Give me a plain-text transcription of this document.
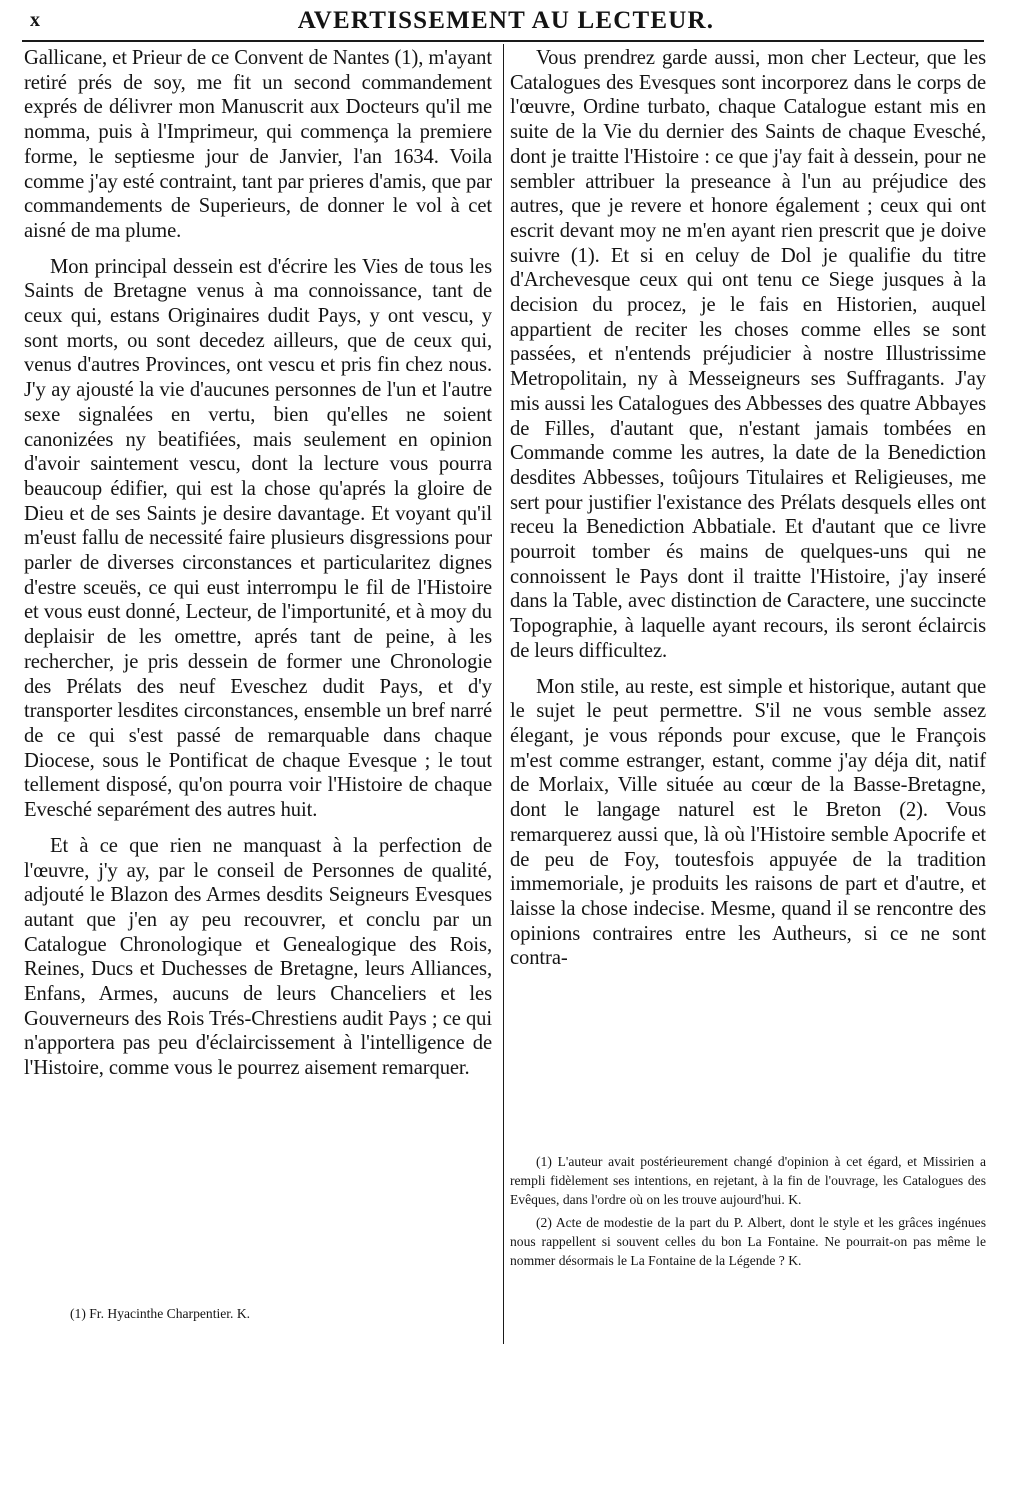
x	AVERTISSEMENT AU LECTEUR.

Gallicane, et Prieur de ce Convent de Nantes (1), m'ayant retiré prés de soy, me fit un second commandement exprés de délivrer mon Manuscrit aux Docteurs qu'il me nomma, puis à l'Imprimeur, qui commença la premiere forme, le septiesme jour de Janvier, l'an 1634. Voila comme j'ay esté contraint, tant par prieres d'amis, que par commandements de Superieurs, de donner le vol à cet aisné de ma plume.

Mon principal dessein est d'écrire les Vies de tous les Saints de Bretagne venus à ma connoissance, tant de ceux qui, estans Originaires dudit Pays, y ont vescu, y sont morts, ou sont decedez ailleurs, que de ceux qui, venus d'autres Provinces, ont vescu et pris fin chez nous. J'y ay ajousté la vie d'aucunes personnes de l'un et l'autre sexe signalées en vertu, bien qu'elles ne soient canonizées ny beatifiées, mais seulement en opinion d'avoir saintement vescu, dont la lecture vous pourra beaucoup édifier, qui est la chose qu'aprés la gloire de Dieu et de ses Saints je desire davantage. Et voyant qu'il m'eust fallu de necessité faire plusieurs disgressions pour parler de diverses circonstances et particularitez dignes d'estre sceuës, ce qui eust interrompu le fil de l'Histoire et vous eust donné, Lecteur, de l'importunité, et à moy du deplaisir de les omettre, aprés tant de peine, à les rechercher, je pris dessein de former une Chronologie des Prélats des neuf Eveschez dudit Pays, et d'y transporter lesdites circonstances, ensemble un bref narré de ce qui s'est passé de remarquable dans chaque Diocese, sous le Pontificat de chaque Evesque ; le tout tellement disposé, qu'on pourra voir l'Histoire de chaque Evesché separément des autres huit.

Et à ce que rien ne manquast à la perfection de l'œuvre, j'y ay, par le conseil de Personnes de qualité, adjouté le Blazon des Armes desdits Seigneurs Evesques autant que j'en ay peu recouvrer, et conclu par un Catalogue Chronologique et Genealogique des Rois, Reines, Ducs et Duchesses de Bretagne, leurs Alliances, Enfans, Armes, aucuns de leurs Chanceliers et les Gouverneurs des Rois Trés-Chrestiens audit Pays ; ce qui n'apportera pas peu d'éclaircissement à l'intelligence de l'Histoire, comme vous le pourrez aisement remarquer.

Vous prendrez garde aussi, mon cher Lecteur, que les Catalogues des Evesques sont incorporez dans le corps de l'œuvre, Ordine turbato, chaque Catalogue estant mis en suite de la Vie du dernier des Saints de chaque Evesché, dont je traitte l'Histoire : ce que j'ay fait à dessein, pour ne sembler attribuer la preseance à l'un au préjudice des autres, que je revere et honore également ; ceux qui ont escrit devant moy ne m'en ayant rien prescrit que je doive suivre (1). Et si en celuy de Dol je qualifie du titre d'Archevesque ceux qui ont tenu ce Siege jusques à la decision du procez, je le fais en Historien, auquel appartient de reciter les choses comme elles se sont passées, et n'entends préjudicier à nostre Illustrissime Metropolitain, ny à Messeigneurs ses Suffragants. J'ay mis aussi les Catalogues des Abbesses des quatre Abbayes de Filles, d'autant que, n'estant jamais tombées en Commande comme les autres, la date de la Benediction desdites Abbesses, toûjours Titulaires et Religieuses, me sert pour justifier l'existance des Prélats desquels elles ont receu la Benediction Abbatiale. Et d'autant que ce livre pourroit tomber és mains de quelques-uns qui ne connoissent le Pays dont il traitte l'Histoire, j'ay inseré dans la Table, avec distinction de Caractere, une succincte Topographie, à laquelle ayant recours, ils seront éclaircis de leurs difficultez.

Mon stile, au reste, est simple et historique, autant que le sujet le peut permettre. S'il ne vous semble assez élegant, je vous réponds pour excuse, que le François m'est comme estranger, estant, comme j'ay déja dit, natif de Morlaix, Ville située au cœur de la Basse-Bretagne, dont le langage naturel est le Breton (2). Vous remarquerez aussi que, là où l'Histoire semble Apocrife et de peu de Foy, toutesfois appuyée de la tradition immemoriale, je produits les raisons de part et d'autre, et laisse la chose indecise. Mesme, quand il se rencontre des opinions contraires entre les Autheurs, si ce ne sont contra-

(1) Fr. Hyacinthe Charpentier. K.

(1) L'auteur avait postérieurement changé d'opinion à cet égard, et Missirien a rempli fidèlement ses intentions, en rejetant, à la fin de l'ouvrage, les Catalogues des Evêques, dans l'ordre où on les trouve aujourd'hui. K.

(2) Acte de modestie de la part du P. Albert, dont le style et les grâces ingénues nous rappellent si souvent celles du bon La Fontaine. Ne pourrait-on pas même le nommer désormais le La Fontaine de la Légende ? K.
